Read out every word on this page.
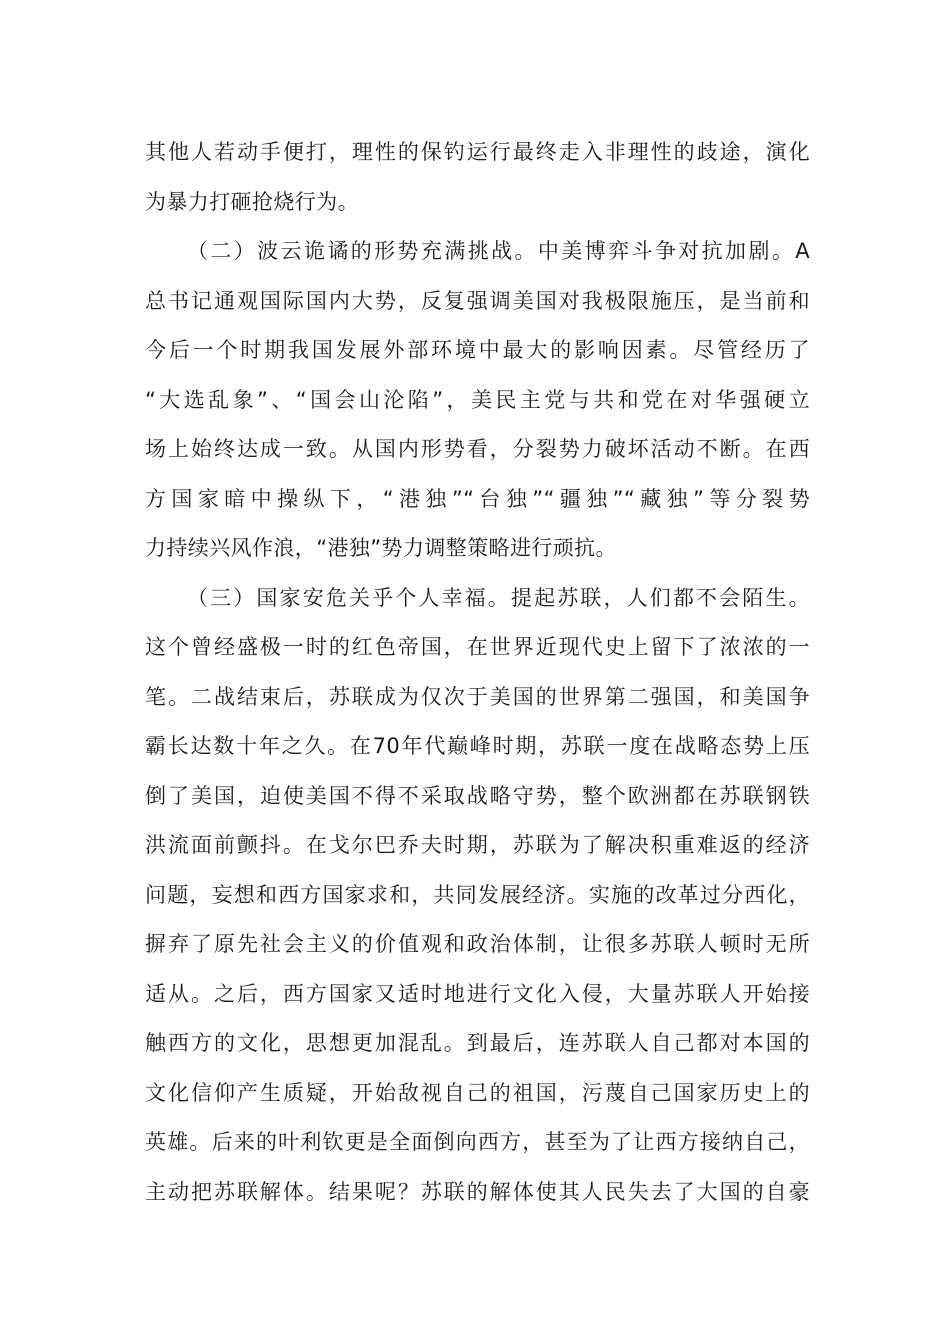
其他人若动手便打，理性的保钓运行最终走入非理性的歧途，演化
为暴力打砸抢烧行为。
（二）波云诡谲的形势充满挑战。中美博弈斗争对抗加剧。A
总书记通观国际国内大势，反复强调美国对我极限施压，是当前和
今后一个时期我国发展外部环境中最大的影响因素。尽管经历了
“大选乱象”、“国会山沦陷”，美民主党与共和党在对华强硬立
场上始终达成一致。从国内形势看，分裂势力破坏活动不断。在西
方国家暗中操纵下，“港独”“台独”“疆独”“藏独”等分裂势
力持续兴风作浪，“港独”势力调整策略进行顽抗。
（三）国家安危关乎个人幸福。提起苏联，人们都不会陌生。
这个曾经盛极一时的红色帝国，在世界近现代史上留下了浓浓的一
笔。二战结束后，苏联成为仅次于美国的世界第二强国，和美国争
霸长达数十年之久。在70年代巅峰时期，苏联一度在战略态势上压
倒了美国，迫使美国不得不采取战略守势，整个欧洲都在苏联钢铁
洪流面前颤抖。在戈尔巴乔夫时期，苏联为了解决积重难返的经济
问题，妄想和西方国家求和，共同发展经济。实施的改革过分西化，
摒弃了原先社会主义的价值观和政治体制，让很多苏联人顿时无所
适从。之后，西方国家又适时地进行文化入侵，大量苏联人开始接
触西方的文化，思想更加混乱。到最后，连苏联人自己都对本国的
文化信仰产生质疑，开始敌视自己的祖国，污蔑自己国家历史上的
英雄。后来的叶利钦更是全面倒向西方，甚至为了让西方接纳自己，
主动把苏联解体。结果呢？苏联的解体使其人民失去了大国的自豪
